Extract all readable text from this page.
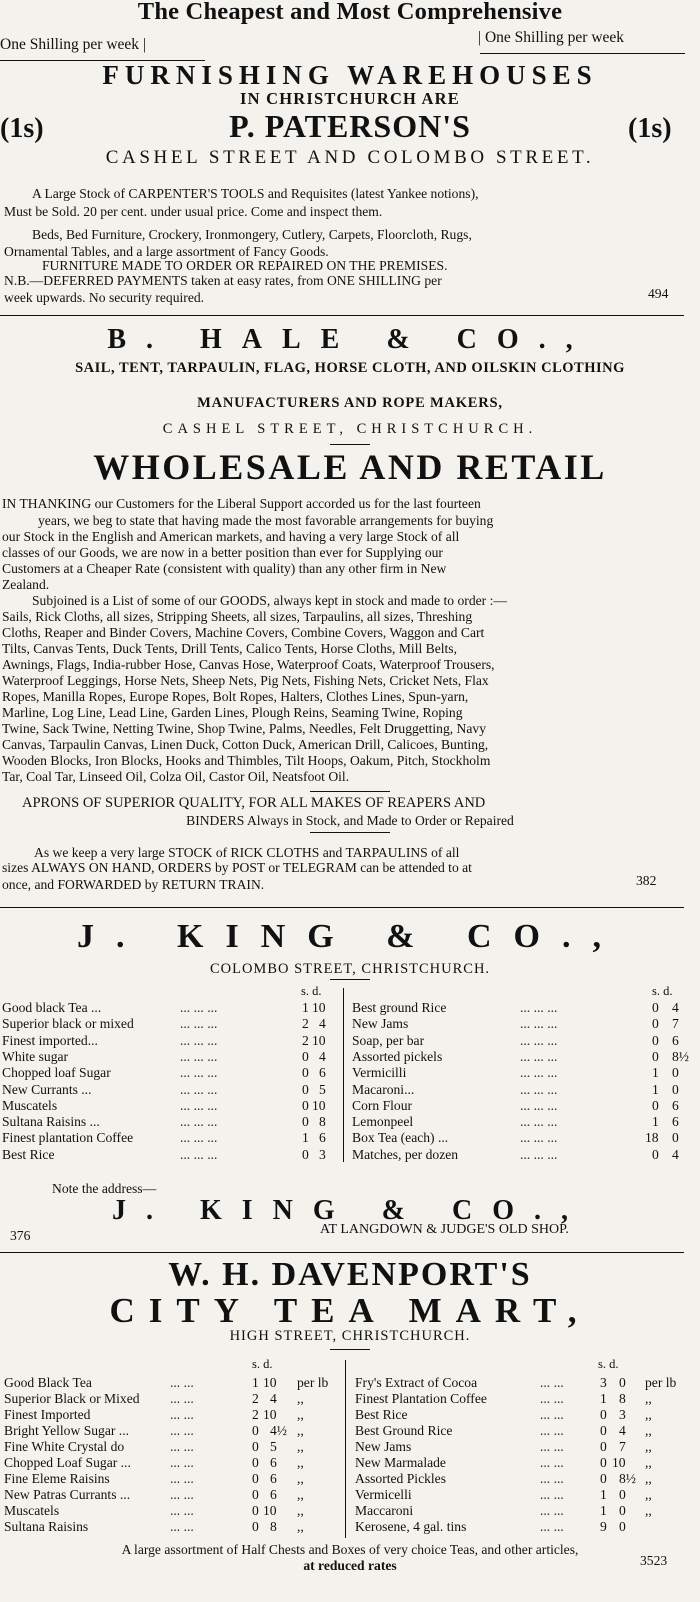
The Cheapest and Most Comprehensive
One Shilling per week |	| One Shilling per week
FURNISHING WAREHOUSES
IN CHRISTCHURCH ARE
(1s)	P. PATERSON'S	(1s)
CASHEL STREET AND COLOMBO STREET.
A Large Stock of CARPENTER'S TOOLS and Requisites (latest Yankee notions),
Must be Sold. 20 per cent. under usual price. Come and inspect them.
Beds, Bed Furniture, Crockery, Ironmongery, Cutlery, Carpets, Floorcloth, Rugs,
Ornamental Tables, and a large assortment of Fancy Goods.
FURNITURE MADE TO ORDER OR REPAIRED ON THE PREMISES.
N.B.—DEFERRED PAYMENTS taken at easy rates, from ONE SHILLING per
week upwards. No security required.	494
B. HALE & CO.,
SAIL, TENT, TARPAULIN, FLAG, HORSE CLOTH, AND OILSKIN CLOTHING
MANUFACTURERS AND ROPE MAKERS,
CASHEL STREET, CHRISTCHURCH.
WHOLESALE AND RETAIL
IN THANKING our Customers for the Liberal Support accorded us for the last fourteen
years, we beg to state that having made the most favorable arrangements for buying
our Stock in the English and American markets, and having a very large Stock of all
classes of our Goods, we are now in a better position than ever for Supplying our
Customers at a Cheaper Rate (consistent with quality) than any other firm in New
Zealand.
Subjoined is a List of some of our GOODS, always kept in stock and made to order :—
Sails, Rick Cloths, all sizes, Stripping Sheets, all sizes, Tarpaulins, all sizes, Threshing
Cloths, Reaper and Binder Covers, Machine Covers, Combine Covers, Waggon and Cart
Tilts, Canvas Tents, Duck Tents, Drill Tents, Calico Tents, Horse Cloths, Mill Belts,
Awnings, Flags, India-rubber Hose, Canvas Hose, Waterproof Coats, Waterproof Trousers,
Waterproof Leggings, Horse Nets, Sheep Nets, Pig Nets, Fishing Nets, Cricket Nets, Flax
Ropes, Manilla Ropes, Europe Ropes, Bolt Ropes, Halters, Clothes Lines, Spun-yarn,
Marline, Log Line, Lead Line, Garden Lines, Plough Reins, Seaming Twine, Roping
Twine, Sack Twine, Netting Twine, Shop Twine, Palms, Needles, Felt Druggetting, Navy
Canvas, Tarpaulin Canvas, Linen Duck, Cotton Duck, American Drill, Calicoes, Bunting,
Wooden Blocks, Iron Blocks, Hooks and Thimbles, Tilt Hoops, Oakum, Pitch, Stockholm
Tar, Coal Tar, Linseed Oil, Colza Oil, Castor Oil, Neatsfoot Oil.
APRONS OF SUPERIOR QUALITY, FOR ALL MAKES OF REAPERS AND
BINDERS Always in Stock, and Made to Order or Repaired
As we keep a very large STOCK of RICK CLOTHS and TARPAULINS of all
sizes ALWAYS ON HAND, ORDERS by POST or TELEGRAM can be attended to at
once, and FORWARDED by RETURN TRAIN.	382
J. KING & CO.,
COLOMBO STREET, CHRISTCHURCH.
s. d.	s. d.
Good black Tea ...	... ... ...	1 10
Superior black or mixed	... ... ...	2 4
Finest imported...	... ... ...	2 10
White sugar	... ... ...	0 4
Chopped loaf Sugar	... ... ...	0 6
New Currants ...	... ... ...	0 5
Muscatels	... ... ...	0 10
Sultana Raisins ...	... ... ...	0 8
Finest plantation Coffee	... ... ...	1 6
Best Rice	... ... ...	0 3
Best ground Rice	... ... ...	0 4
New Jams	... ... ...	0 7
Soap, per bar	... ... ...	0 6
Assorted pickels	... ... ...	0 8½
Vermicilli	... ... ...	1 0
Macaroni...	... ... ...	1 0
Corn Flour	... ... ...	0 6
Lemonpeel	... ... ...	1 6
Box Tea (each) ...	... ... ...	18 0
Matches, per dozen	... ... ...	0 4
Note the address—
J. KING & CO.,
376	AT LANGDOWN & JUDGE'S OLD SHOP.
W. H. DAVENPORT'S
CITY TEA MART,
HIGH STREET, CHRISTCHURCH.
s. d.	s. d.
Good Black Tea	... ...	1 10 per lb
Superior Black or Mixed ... ...	2 4 ,,
Finest Imported	... ...	2 10 ,,
Bright Yellow Sugar ...	... ...	0 4½ ,,
Fine White Crystal do	... ...	0 5 ,,
Chopped Loaf Sugar ...	... ...	0 6 ,,
Fine Eleme Raisins	... ...	0 6 ,,
New Patras Currants ...	... ...	0 6 ,,
Muscatels	... ...	0 10 ,,
Sultana Raisins	... ...	0 8 ,,
Fry's Extract of Cocoa	... ...	3 0 per lb
Finest Plantation Coffee	... ...	1 8 ,,
Best Rice	... ...	0 3 ,,
Best Ground Rice	... ...	0 4 ,,
New Jams	... ...	0 7 ,,
New Marmalade	... ...	0 10 ,,
Assorted Pickles	... ...	0 8½ ,,
Vermicelli	... ...	1 0 ,,
Maccaroni	... ...	1 0 ,,
Kerosene, 4 gal. tins	... ...	9 0
A large assortment of Half Chests and Boxes of very choice Teas, and other articles,
at reduced rates	3523
